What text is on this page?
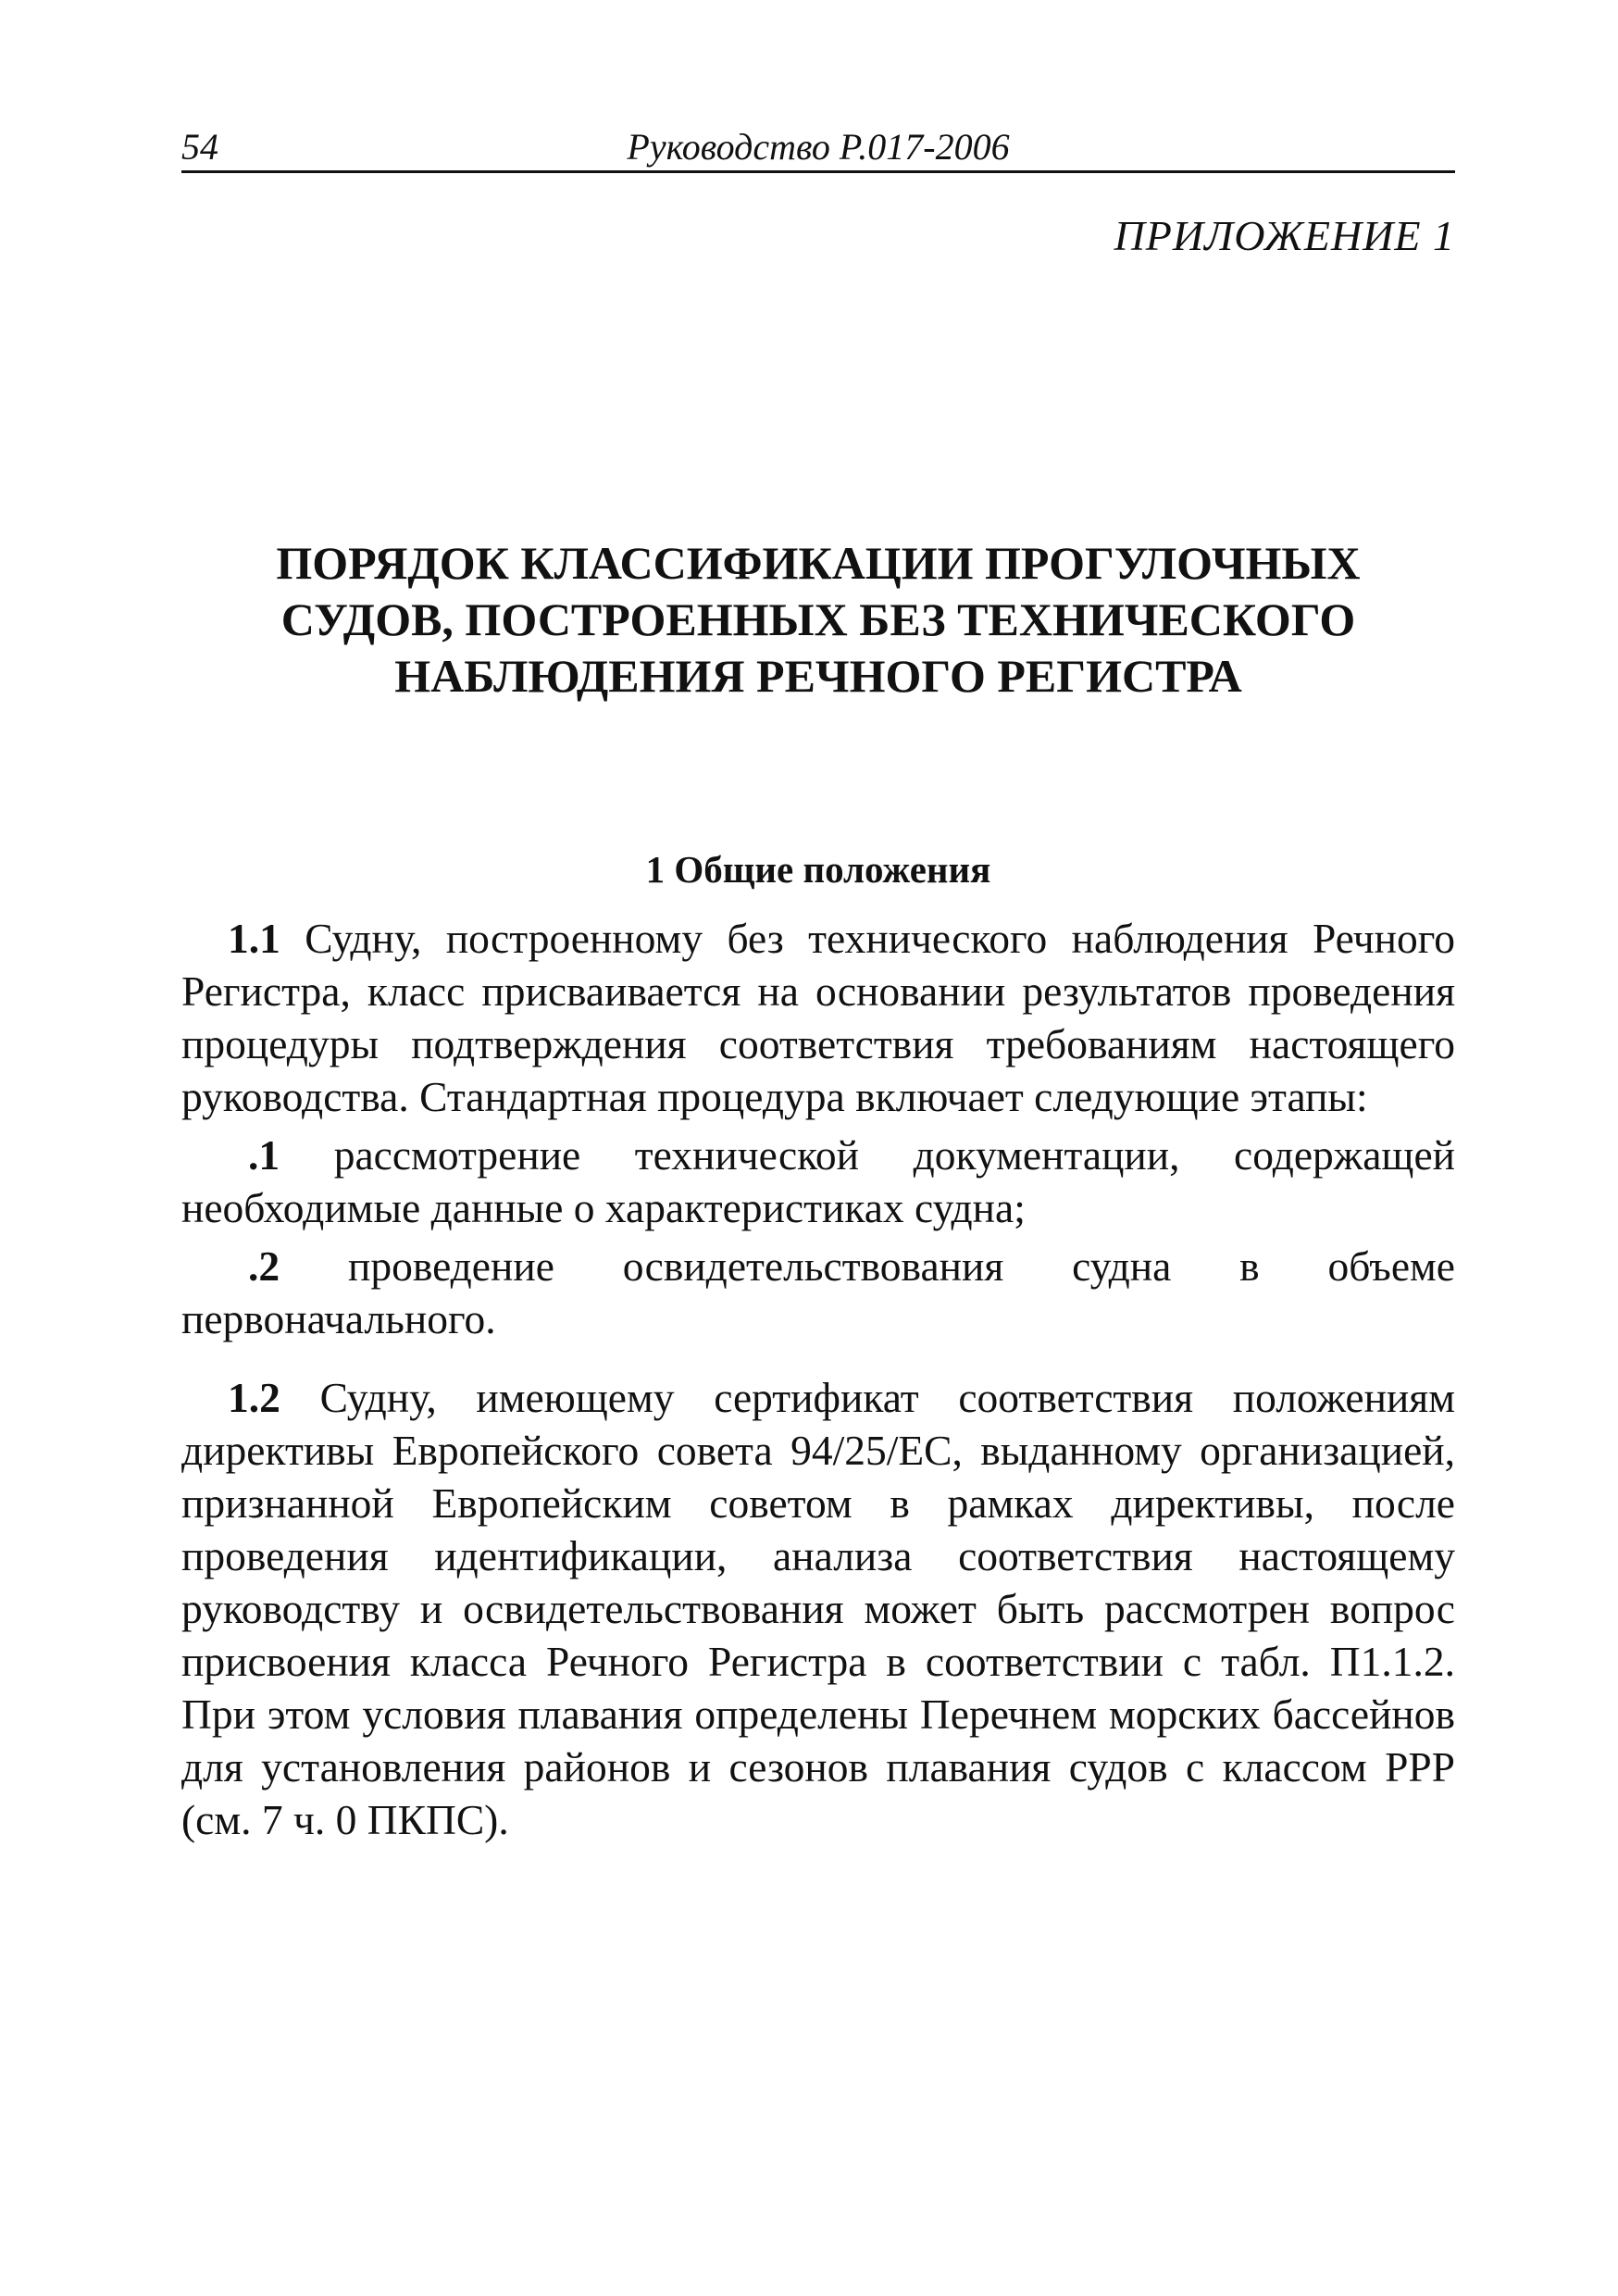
54	Руководство Р.017-2006
ПРИЛОЖЕНИЕ 1
ПОРЯДОК КЛАССИФИКАЦИИ ПРОГУЛОЧНЫХ
СУДОВ, ПОСТРОЕННЫХ БЕЗ ТЕХНИЧЕСКОГО
НАБЛЮДЕНИЯ РЕЧНОГО РЕГИСТРА
1 Общие положения

1.1 Судну, построенному без технического наблюдения Речного Регистра, класс присваивается на основании результатов проведения процедуры подтверждения соответствия требованиям настоящего руководства. Стандартная процедура включает следующие этапы:

.1 рассмотрение технической документации, содержащей необходимые данные о характеристиках судна;

.2 проведение освидетельствования судна в объеме первоначального.

1.2 Судну, имеющему сертификат соответствия положениям директивы Европейского совета 94/25/ЕС, выданному организацией, признанной Европейским советом в рамках директивы, после проведения идентификации, анализа соответствия настоящему руководству и освидетельствования может быть рассмотрен вопрос присвоения класса Речного Регистра в соответствии с табл. П1.1.2. При этом условия плавания определены Перечнем морских бассейнов для установления районов и сезонов плавания судов с классом РРР (см. 7 ч. 0 ПКПС).
